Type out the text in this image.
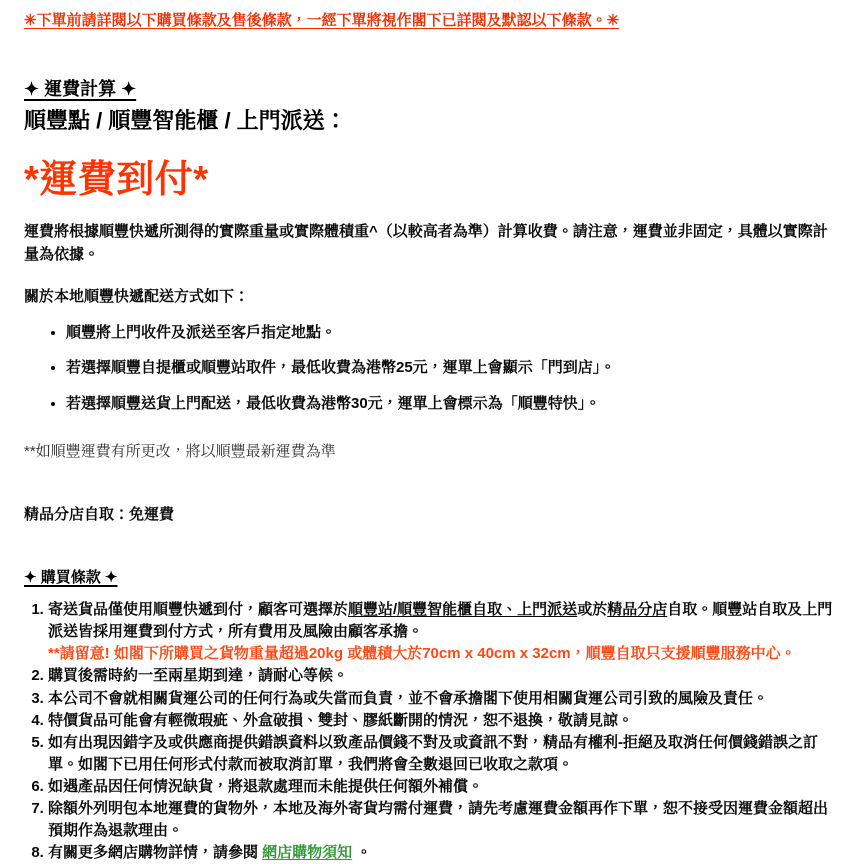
✳下單前請詳閱以下購買條款及售後條款，一經下單將視作閣下已詳閱及默認以下條款。✳

✦ 運費計算 ✦
順豐點 / 順豐智能櫃 / 上門派送：
*運費到付*

運費將根據順豐快遞所測得的實際重量或實際體積重^（以較高者為準）計算收費。請注意，運費並非固定，具體以實際計量為依據。

關於本地順豐快遞配送方式如下：

• 順豐將上門收件及派送至客戶指定地點。
• 若選擇順豐自提櫃或順豐站取件，最低收費為港幣25元，運單上會顯示「門到店」。
• 若選擇順豐送貨上門配送，最低收費為港幣30元，運單上會標示為「順豐特快」。

**如順豐運費有所更改，將以順豐最新運費為準

精品分店自取：免運費

✦ 購買條款 ✦
1. 寄送貨品僅使用順豐快遞到付，顧客可選擇於順豐站/順豐智能櫃自取、上門派送或於精品分店自取。順豐站自取及上門派送皆採用運費到付方式，所有費用及風險由顧客承擔。
**請留意! 如閣下所購買之貨物重量超過20kg 或體積大於70cm x 40cm x 32cm，順豐自取只支援順豐服務中心。
2. 購買後需時約一至兩星期到達，請耐心等候。
3. 本公司不會就相關貨運公司的任何行為或失當而負責，並不會承擔閣下使用相關貨運公司引致的風險及責任。
4. 特價貨品可能會有輕微瑕疵、外盒破損、雙封、膠紙斷開的情況，恕不退換，敬請見諒。
5. 如有出現因錯字及或供應商提供錯誤資料以致產品價錢不對及或資訊不對，精品有權利-拒絕及取消任何價錢錯誤之訂單。如閣下已用任何形式付款而被取消訂單，我們將會全數退回已收取之款項。
6. 如遇產品因任何情況缺貨，將退款處理而未能提供任何額外補償。
7. 除額外列明包本地運費的貨物外，本地及海外寄貨均需付運費，請先考慮運費金額再作下單，恕不接受因運費金額超出預期作為退款理由。
8. 有關更多網店購物詳情，請參閱 網店購物須知 。
